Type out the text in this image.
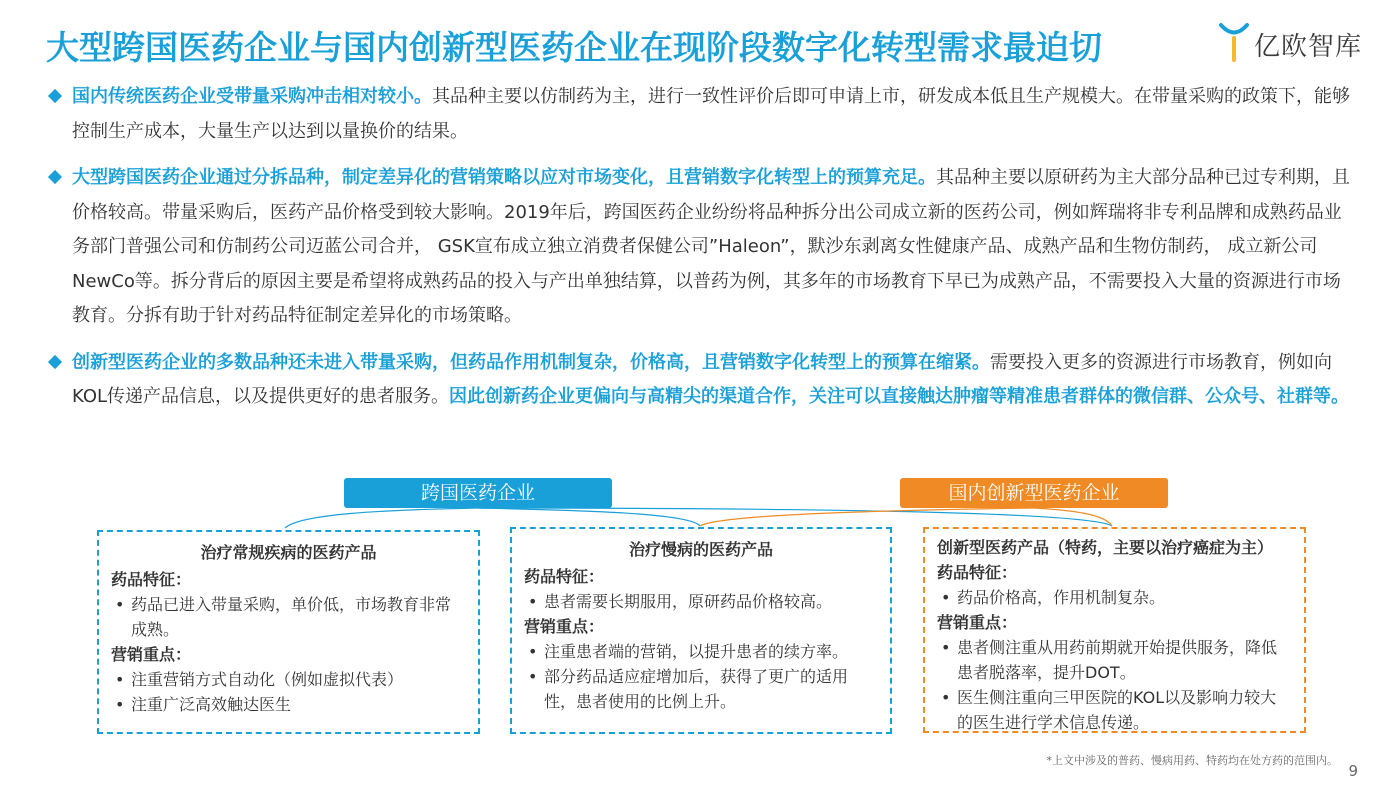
大型跨国医药企业与国内创新型医药企业在现阶段数字化转型需求最迫切	亿欧智库
国内传统医药企业受带量采购冲击相对较小。其品种主要以仿制药为主，进行一致性评价后即可申请上市，研发成本低且生产规模大。在带量采购的政策下，能够控制生产成本，大量生产以达到以量换价的结果。
大型跨国医药企业通过分拆品种，制定差异化的营销策略以应对市场变化，且营销数字化转型上的预算充足。其品种主要以原研药为主大部分品种已过专利期，且价格较高。带量采购后，医药产品价格受到较大影响。2019年后，跨国医药企业纷纷将品种拆分出公司成立新的医药公司，例如辉瑞将非专利品牌和成熟药品业务部门普强公司和仿制药公司迈蓝公司合并， GSK宣布成立独立消费者保健公司”Haleon”，默沙东剥离女性健康产品、成熟产品和生物仿制药， 成立新公司NewCo等。拆分背后的原因主要是希望将成熟药品的投入与产出单独结算，以普药为例，其多年的市场教育下早已为成熟产品，不需要投入大量的资源进行市场教育。分拆有助于针对药品特征制定差异化的市场策略。
创新型医药企业的多数品种还未进入带量采购，但药品作用机制复杂，价格高，且营销数字化转型上的预算在缩紧。需要投入更多的资源进行市场教育，例如向KOL传递产品信息，以及提供更好的患者服务。因此创新药企业更偏向与高精尖的渠道合作，关注可以直接触达肿瘤等精准患者群体的微信群、公众号、社群等。
跨国医药企业	国内创新型医药企业
治疗常规疾病的医药产品
药品特征：
• 药品已进入带量采购，单价低，市场教育非常成熟。
营销重点：
• 注重营销方式自动化（例如虚拟代表）
• 注重广泛高效触达医生
治疗慢病的医药产品
药品特征：
• 患者需要长期服用，原研药品价格较高。
营销重点：
• 注重患者端的营销，以提升患者的续方率。
• 部分药品适应症增加后，获得了更广的适用性，患者使用的比例上升。
创新型医药产品（特药，主要以治疗癌症为主）
药品特征：
• 药品价格高，作用机制复杂。
营销重点：
• 患者侧注重从用药前期就开始提供服务，降低患者脱落率，提升DOT。
• 医生侧注重向三甲医院的KOL以及影响力较大的医生进行学术信息传递。
*上文中涉及的普药、慢病用药、特药均在处方药的范围内。
9
